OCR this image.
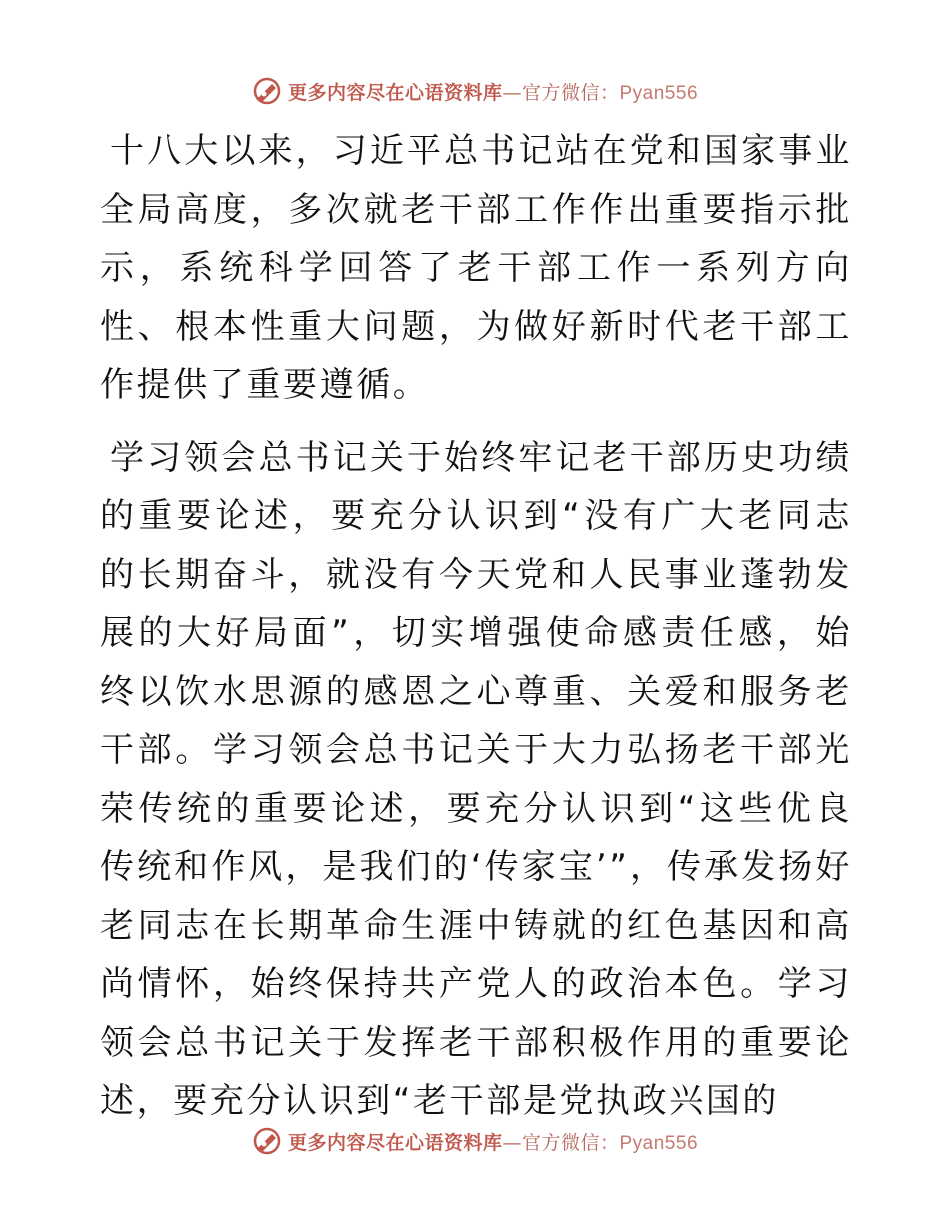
更多内容尽在心语资料库—官方微信：Pyan556

十八大以来，习近平总书记站在党和国家事业全局高度，多次就老干部工作作出重要指示批示，系统科学回答了老干部工作一系列方向性、根本性重大问题，为做好新时代老干部工作提供了重要遵循。

学习领会总书记关于始终牢记老干部历史功绩的重要论述，要充分认识到“没有广大老同志的长期奋斗，就没有今天党和人民事业蓬勃发展的大好局面”，切实增强使命感责任感，始终以饮水思源的感恩之心尊重、关爱和服务老干部。学习领会总书记关于大力弘扬老干部光荣传统的重要论述，要充分认识到“这些优良传统和作风，是我们的‘传家宝’”，传承发扬好老同志在长期革命生涯中铸就的红色基因和高尚情怀，始终保持共产党人的政治本色。学习领会总书记关于发挥老干部积极作用的重要论述，要充分认识到“老干部是党执政兴国的

更多内容尽在心语资料库—官方微信：Pyan556
